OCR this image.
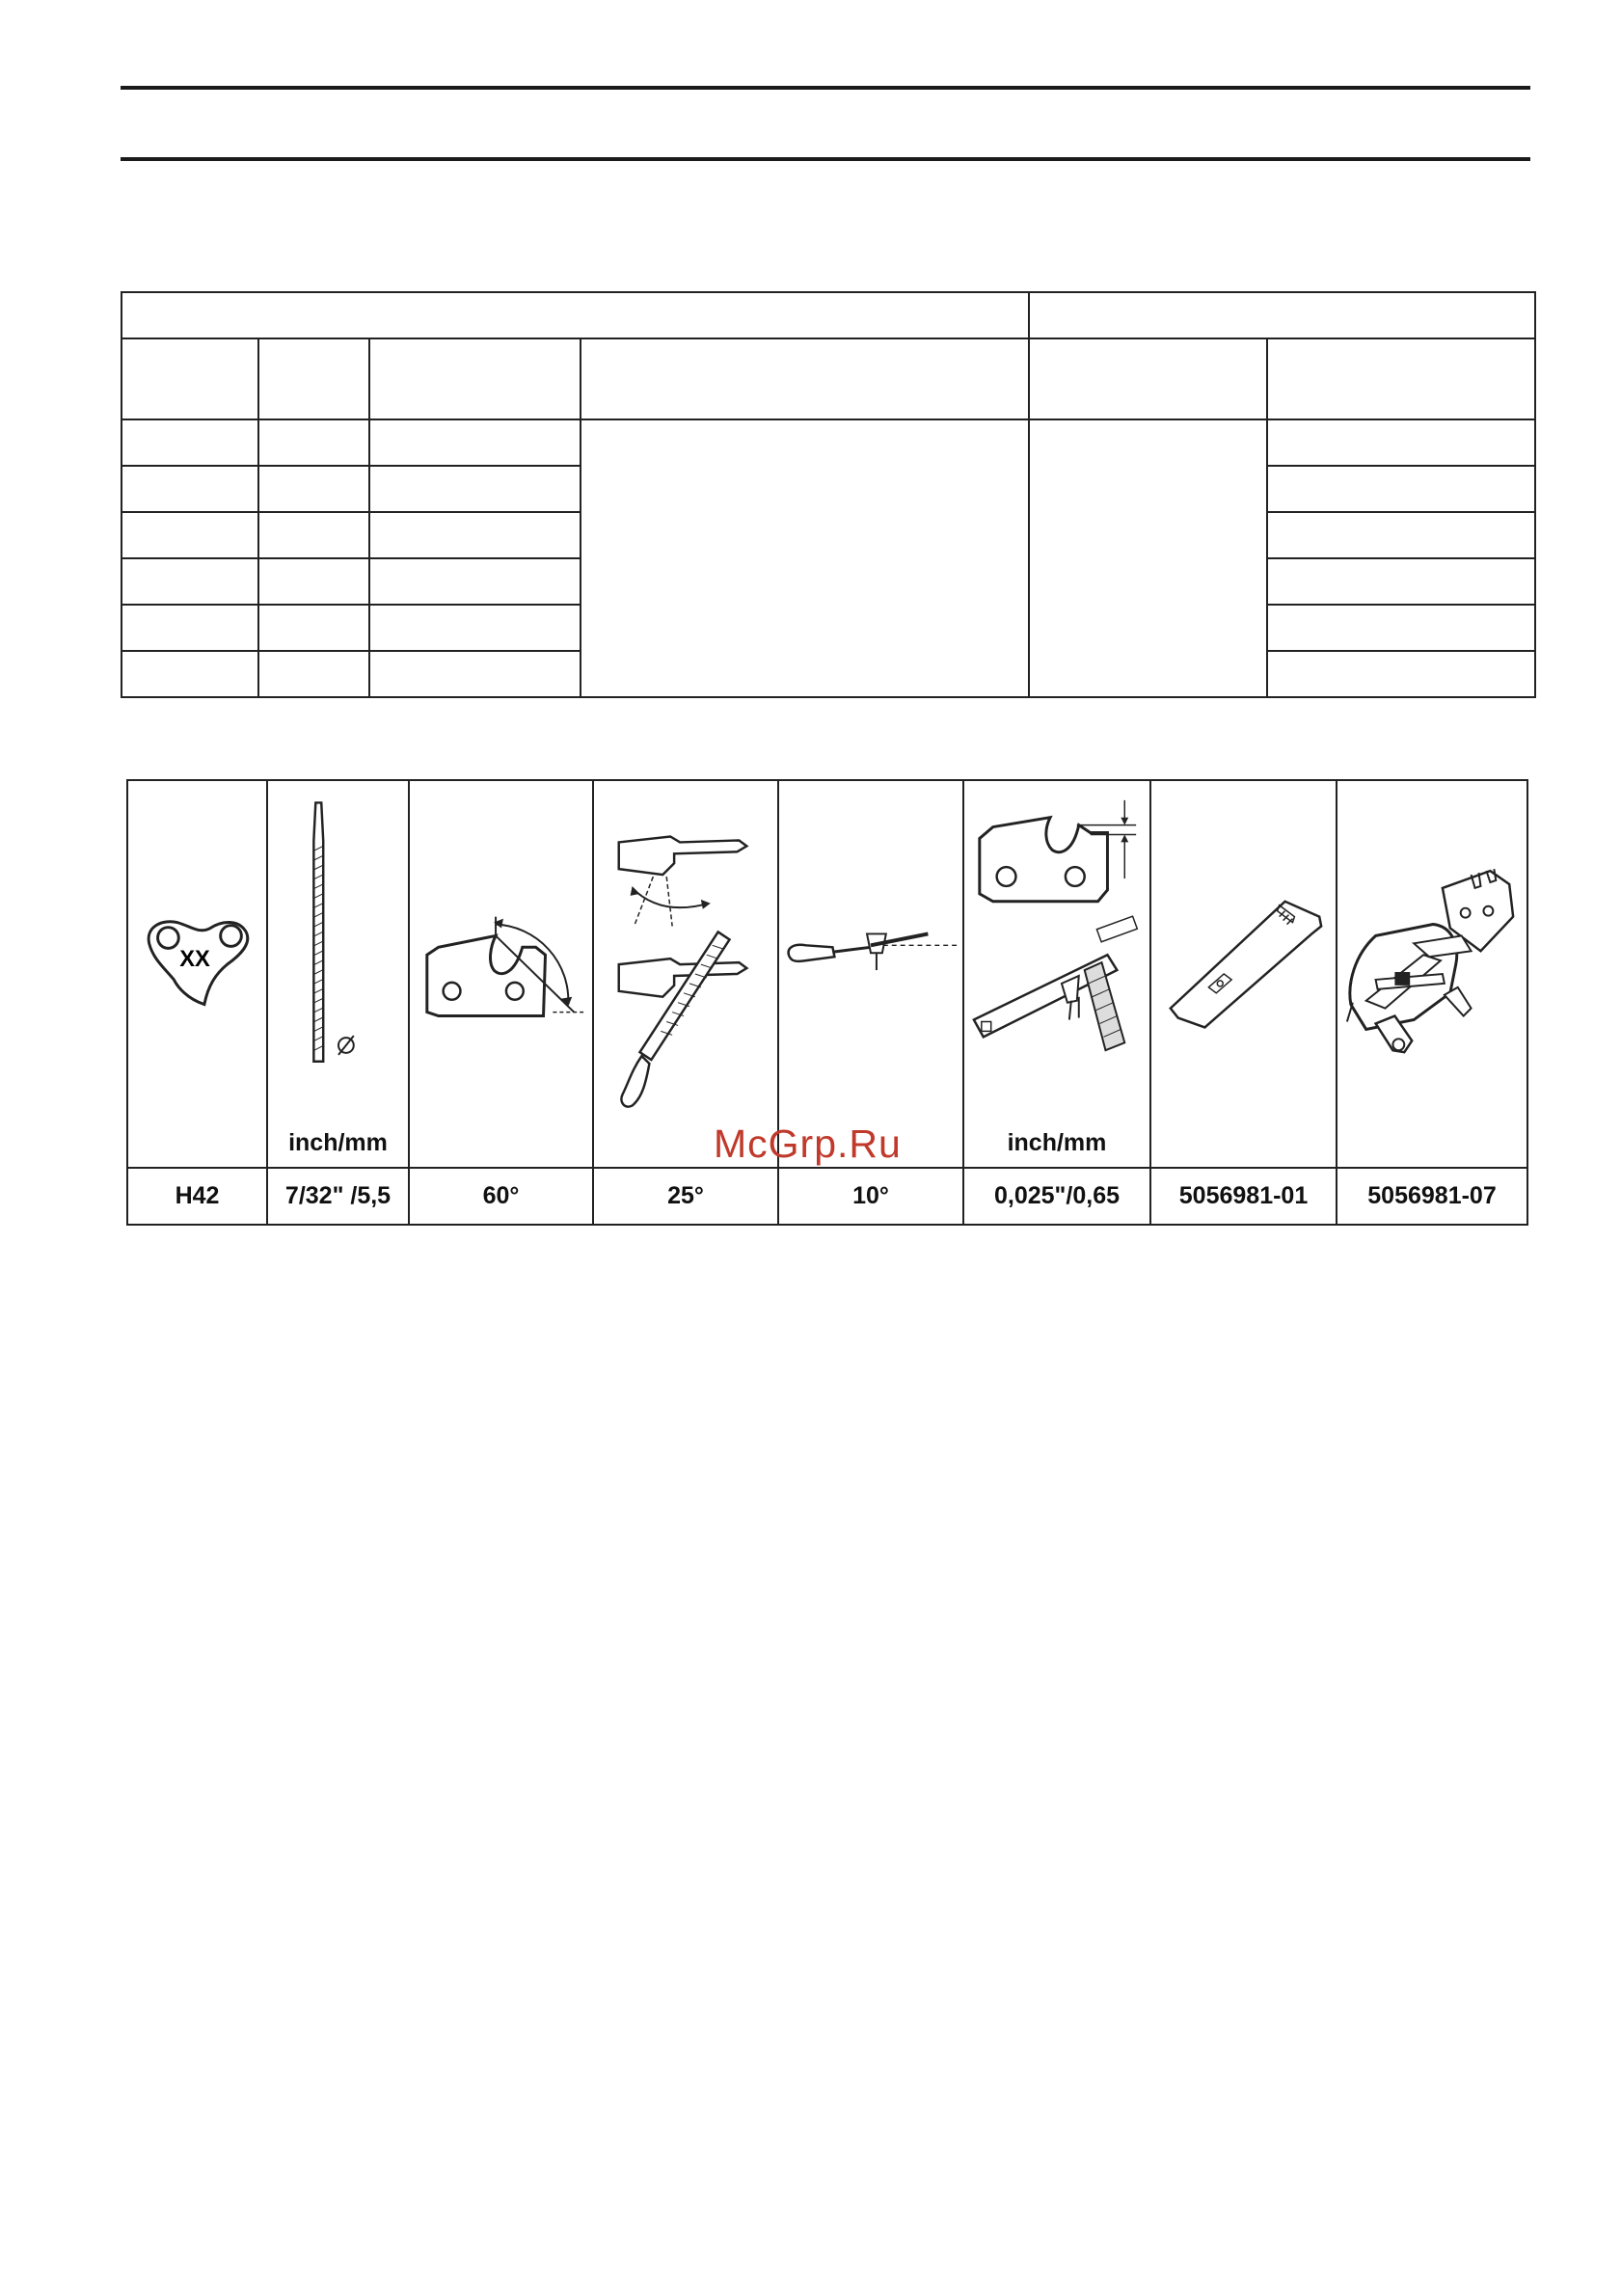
XX	inch/mm				inch/mm

H42	7/32" /5,5	60°	25°	10°	0,025"/0,65	5056981-01	5056981-07
McGrp.Ru
